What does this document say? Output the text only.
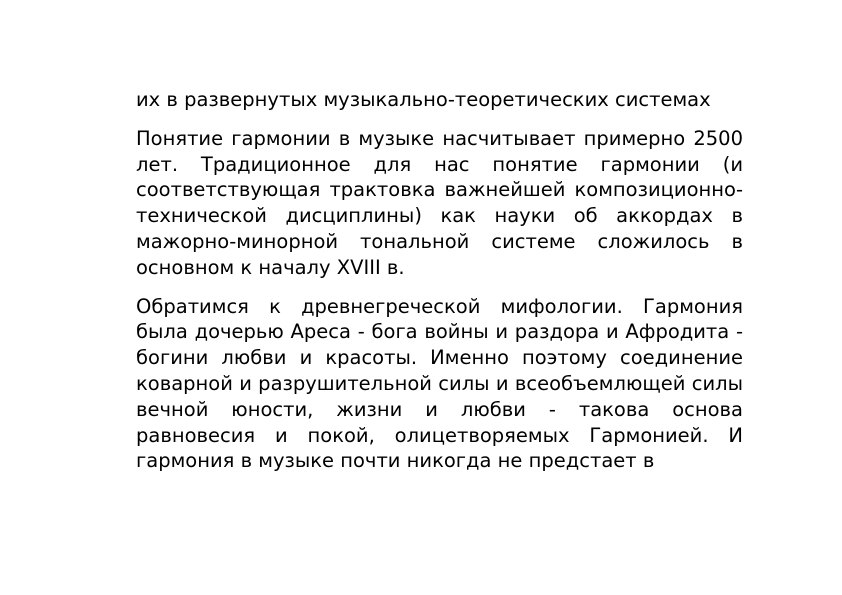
их в развернутых музыкально-теоретических системах

Понятие гармонии в музыке насчитывает примерно 2500 лет. Традиционное для нас понятие гармонии (и соответствующая трактовка важнейшей композиционно-технической дисциплины) как науки об аккордах в мажорно-минорной тональной системе сложилось в основном к началу XVIII в.

Обратимся к древнегреческой мифологии. Гармония была дочерью Ареса - бога войны и раздора и Афродита - богини любви и красоты. Именно поэтому соединение коварной и разрушительной силы и всеобъемлющей силы вечной юности, жизни и любви - такова основа равновесия и покой, олицетворяемых Гармонией. И гармония в музыке почти никогда не предстает в
